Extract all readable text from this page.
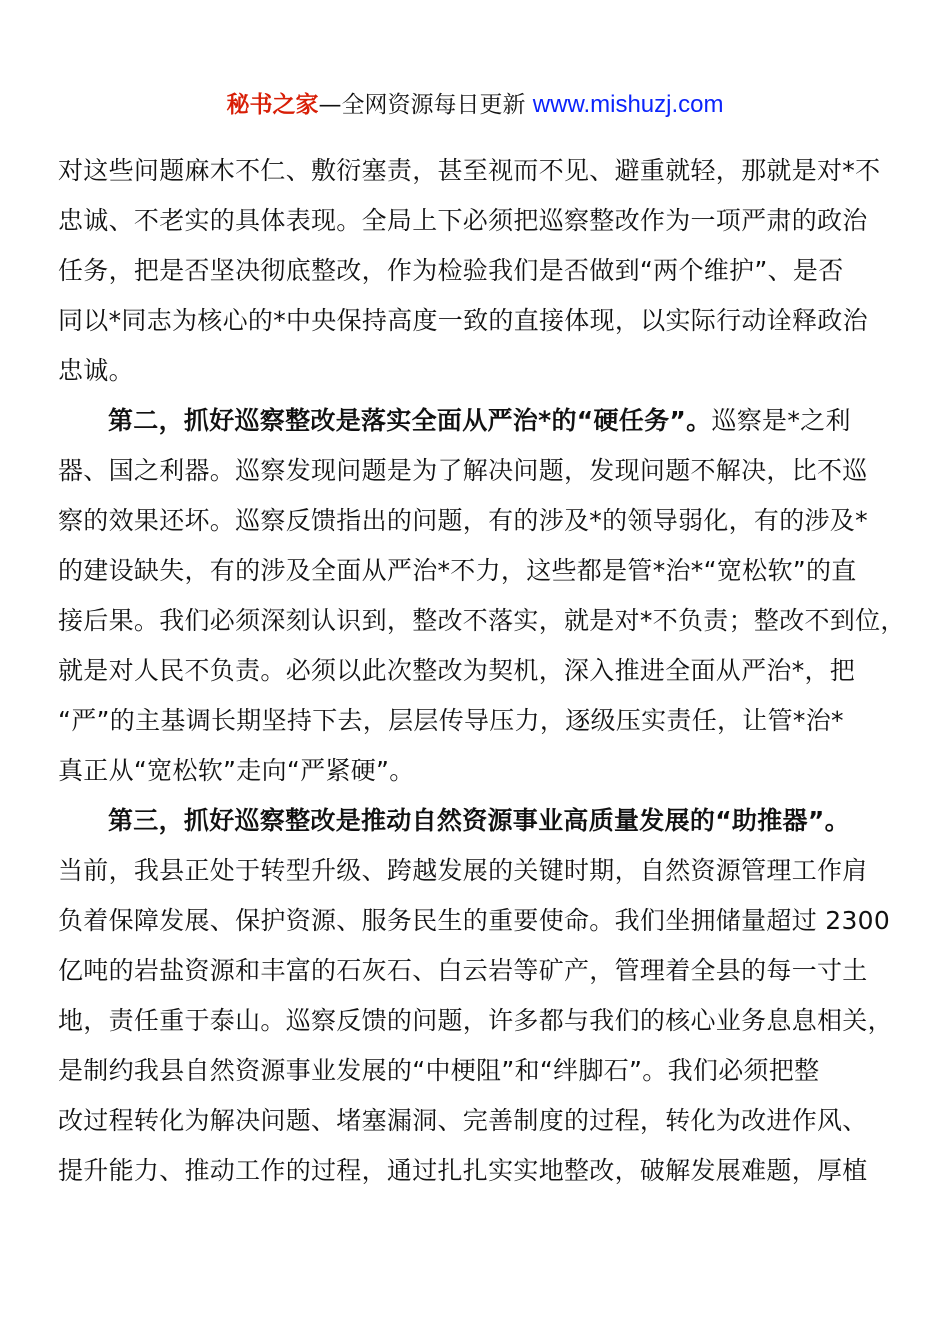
秘书之家—全网资源每日更新 www.mishuzj.com
对这些问题麻木不仁、敷衍塞责，甚至视而不见、避重就轻，那就是对*不
忠诚、不老实的具体表现。全局上下必须把巡察整改作为一项严肃的政治
任务，把是否坚决彻底整改，作为检验我们是否做到“两个维护”、是否
同以*同志为核心的*中央保持高度一致的直接体现，以实际行动诠释政治
忠诚。
第二，抓好巡察整改是落实全面从严治*的“硬任务”。巡察是*之利
器、国之利器。巡察发现问题是为了解决问题，发现问题不解决，比不巡
察的效果还坏。巡察反馈指出的问题，有的涉及*的领导弱化，有的涉及*
的建设缺失，有的涉及全面从严治*不力，这些都是管*治*“宽松软”的直
接后果。我们必须深刻认识到，整改不落实，就是对*不负责；整改不到位，
就是对人民不负责。必须以此次整改为契机，深入推进全面从严治*，把
“严”的主基调长期坚持下去，层层传导压力，逐级压实责任，让管*治*
真正从“宽松软”走向“严紧硬”。
第三，抓好巡察整改是推动自然资源事业高质量发展的“助推器”。
当前，我县正处于转型升级、跨越发展的关键时期，自然资源管理工作肩
负着保障发展、保护资源、服务民生的重要使命。我们坐拥储量超过 2300
亿吨的岩盐资源和丰富的石灰石、白云岩等矿产，管理着全县的每一寸土
地，责任重于泰山。巡察反馈的问题，许多都与我们的核心业务息息相关，
是制约我县自然资源事业发展的“中梗阻”和“绊脚石”。我们必须把整
改过程转化为解决问题、堵塞漏洞、完善制度的过程，转化为改进作风、
提升能力、推动工作的过程，通过扎扎实实地整改，破解发展难题，厚植
